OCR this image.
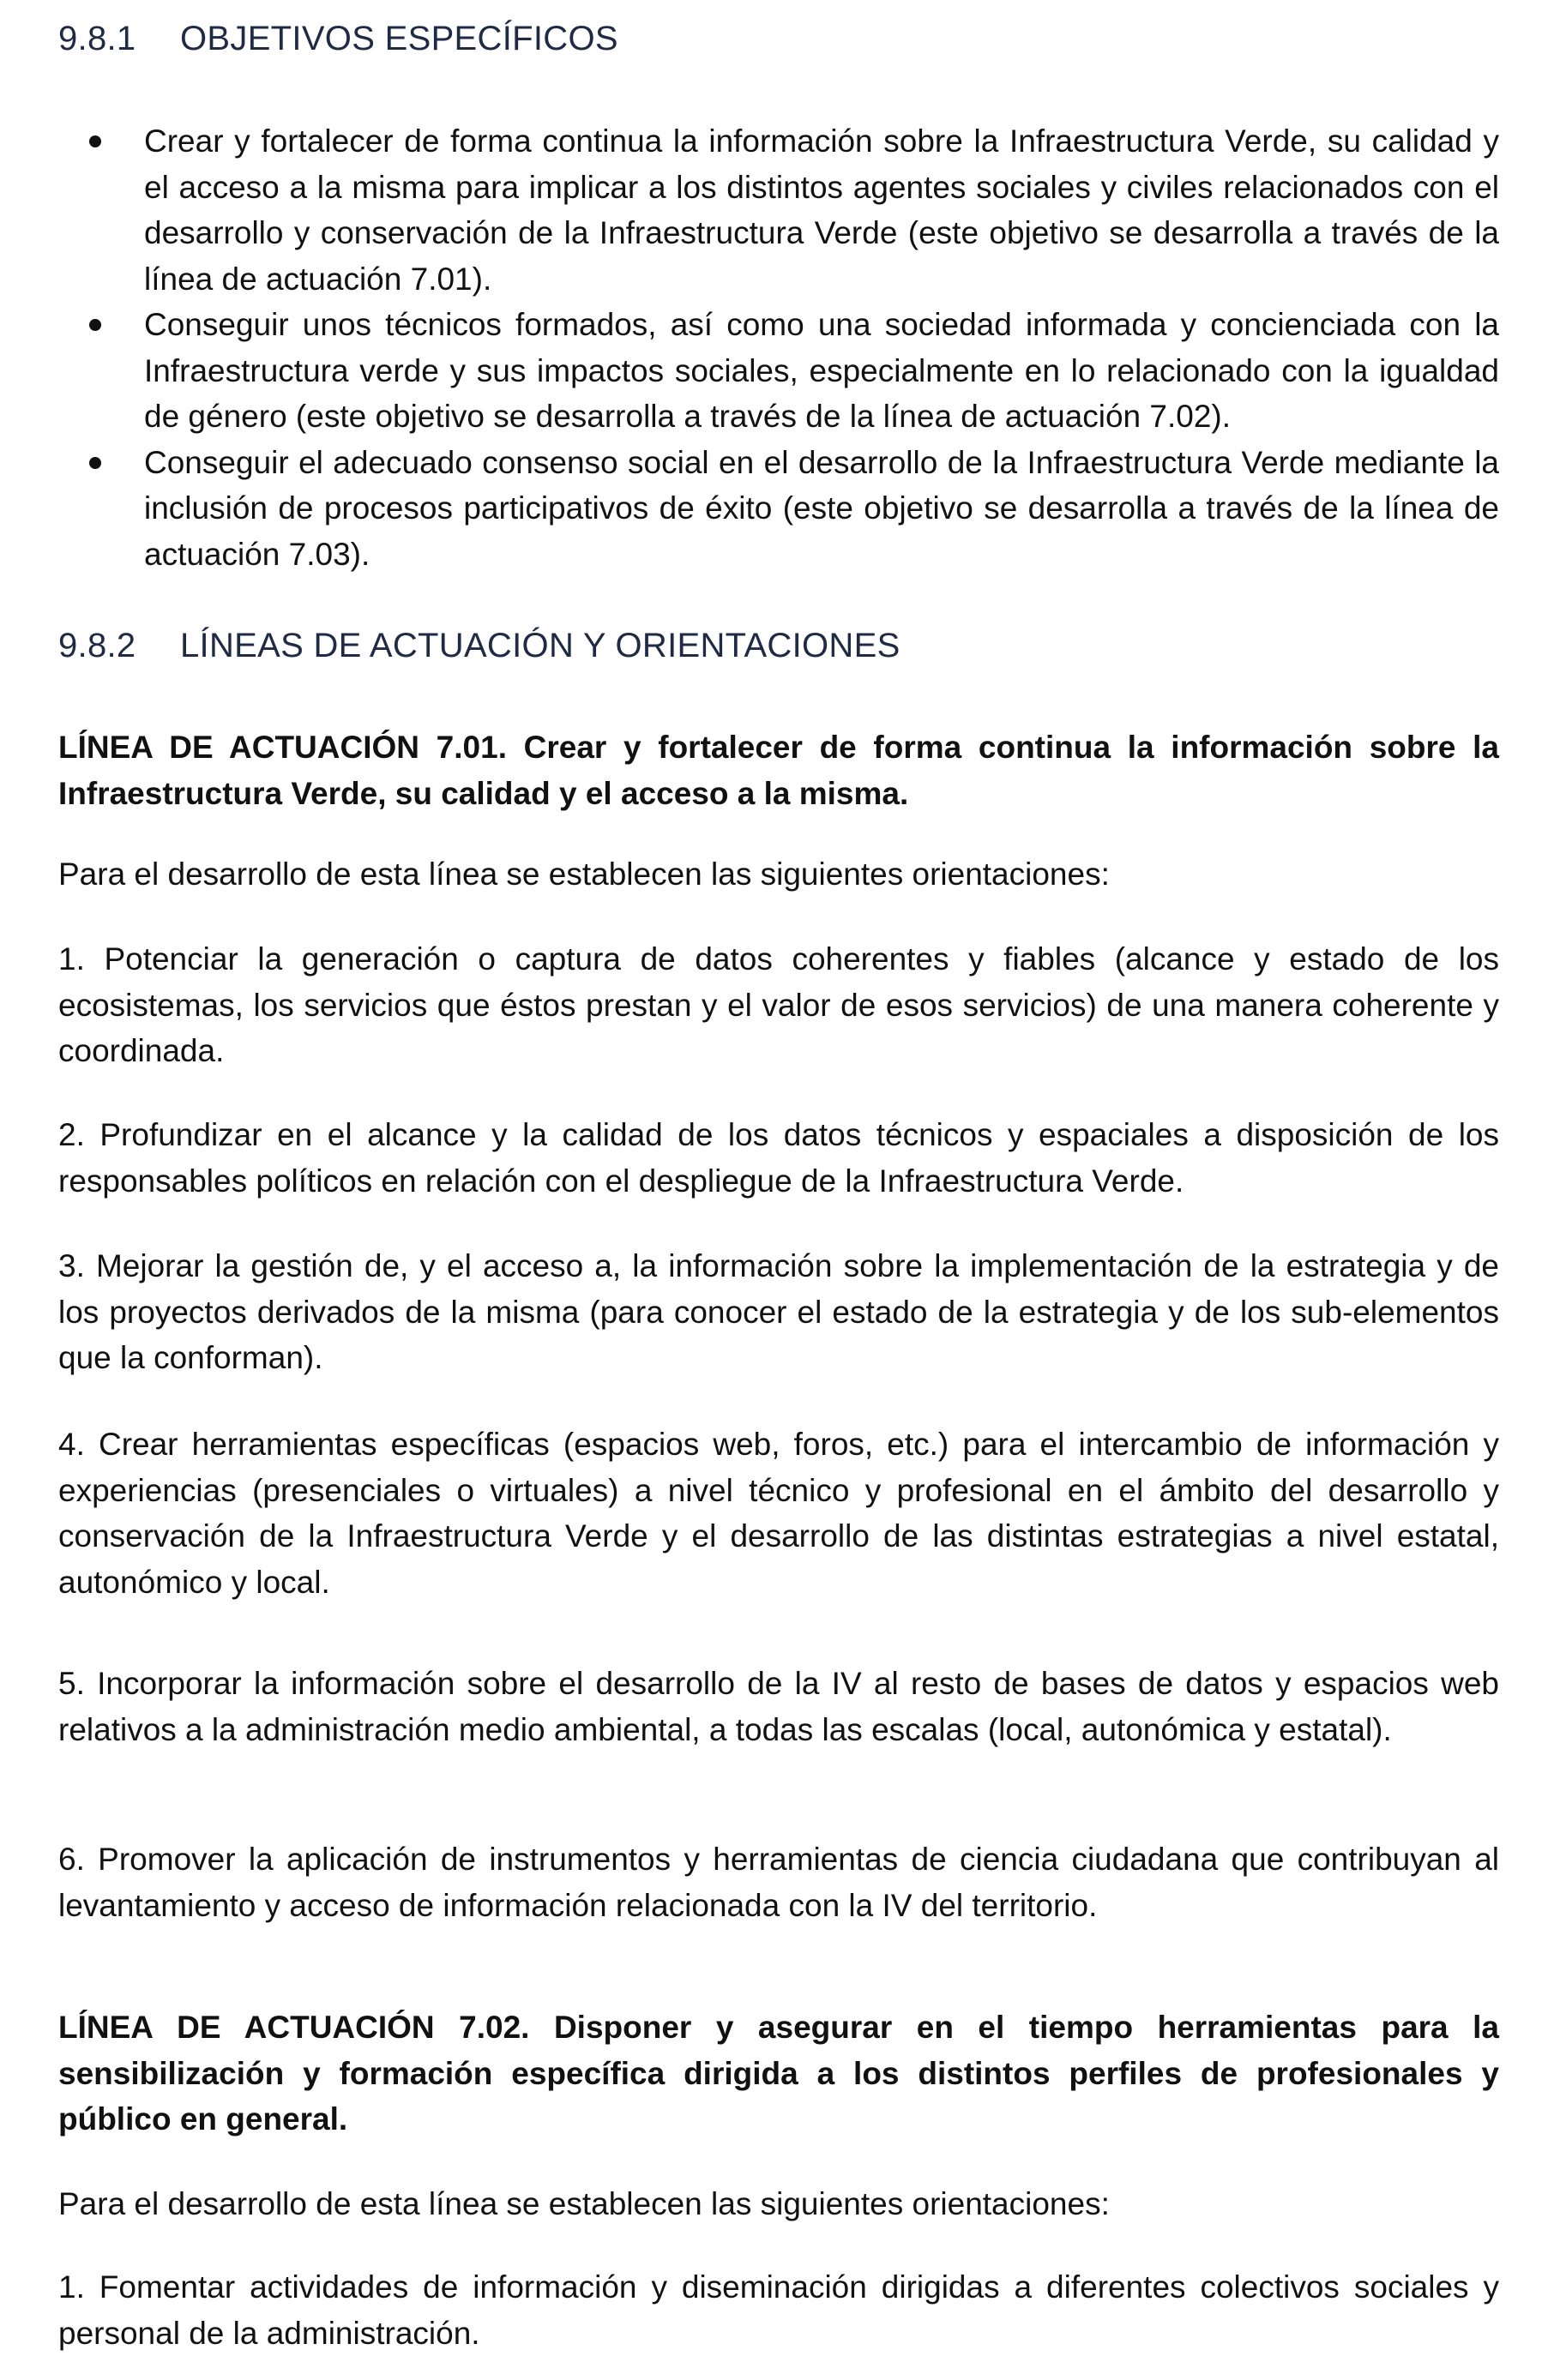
9.8.1 OBJETIVOS ESPECÍFICOS
Crear y fortalecer de forma continua la información sobre la Infraestructura Verde, su calidad y el acceso a la misma para implicar a los distintos agentes sociales y civiles relacionados con el desarrollo y conservación de la Infraestructura Verde (este objetivo se desarrolla a través de la línea de actuación 7.01).
Conseguir unos técnicos formados, así como una sociedad informada y concienciada con la Infraestructura verde y sus impactos sociales, especialmente en lo relacionado con la igualdad de género (este objetivo se desarrolla a través de la línea de actuación 7.02).
Conseguir el adecuado consenso social en el desarrollo de la Infraestructura Verde mediante la inclusión de procesos participativos de éxito (este objetivo se desarrolla a través de la línea de actuación 7.03).
9.8.2 LÍNEAS DE ACTUACIÓN Y ORIENTACIONES

LÍNEA DE ACTUACIÓN 7.01. Crear y fortalecer de forma continua la información sobre la Infraestructura Verde, su calidad y el acceso a la misma.

Para el desarrollo de esta línea se establecen las siguientes orientaciones:

1. Potenciar la generación o captura de datos coherentes y fiables (alcance y estado de los ecosistemas, los servicios que éstos prestan y el valor de esos servicios) de una manera coherente y coordinada.

2. Profundizar en el alcance y la calidad de los datos técnicos y espaciales a disposición de los responsables políticos en relación con el despliegue de la Infraestructura Verde.

3. Mejorar la gestión de, y el acceso a, la información sobre la implementación de la estrategia y de los proyectos derivados de la misma (para conocer el estado de la estrategia y de los sub-elementos que la conforman).

4. Crear herramientas específicas (espacios web, foros, etc.) para el intercambio de información y experiencias (presenciales o virtuales) a nivel técnico y profesional en el ámbito del desarrollo y conservación de la Infraestructura Verde y el desarrollo de las distintas estrategias a nivel estatal, autonómico y local.

5. Incorporar la información sobre el desarrollo de la IV al resto de bases de datos y espacios web relativos a la administración medio ambiental, a todas las escalas (local, autonómica y estatal).

6. Promover la aplicación de instrumentos y herramientas de ciencia ciudadana que contribuyan al levantamiento y acceso de información relacionada con la IV del territorio.

LÍNEA DE ACTUACIÓN 7.02. Disponer y asegurar en el tiempo herramientas para la sensibilización y formación específica dirigida a los distintos perfiles de profesionales y público en general.

Para el desarrollo de esta línea se establecen las siguientes orientaciones:

1. Fomentar actividades de información y diseminación dirigidas a diferentes colectivos sociales y personal de la administración.
